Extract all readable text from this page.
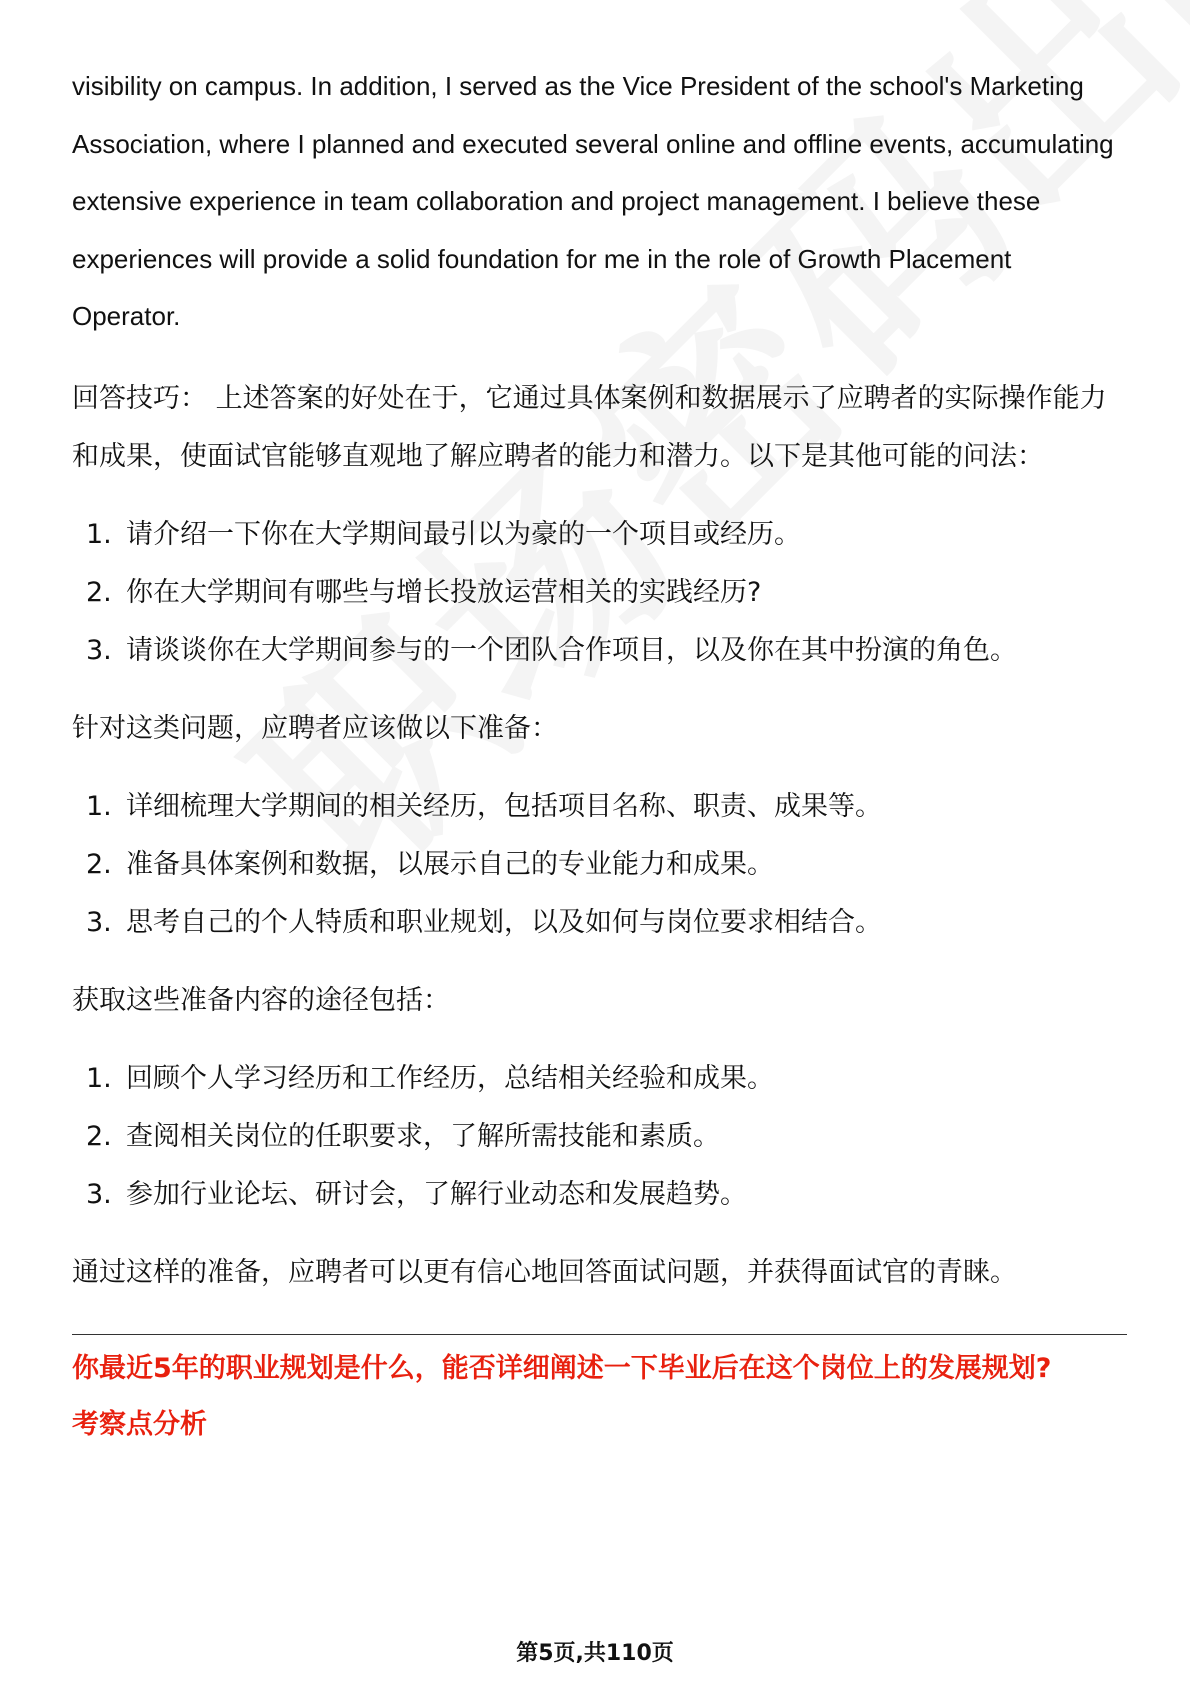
visibility on campus. In addition, I served as the Vice President of the school's Marketing Association, where I planned and executed several online and offline events, accumulating extensive experience in team collaboration and project management. I believe these experiences will provide a solid foundation for me in the role of Growth Placement Operator.

回答技巧： 上述答案的好处在于，它通过具体案例和数据展示了应聘者的实际操作能力和成果，使面试官能够直观地了解应聘者的能力和潜力。以下是其他可能的问法：

1. 请介绍一下你在大学期间最引以为豪的一个项目或经历。
2. 你在大学期间有哪些与增长投放运营相关的实践经历?
3. 请谈谈你在大学期间参与的一个团队合作项目，以及你在其中扮演的角色。

针对这类问题，应聘者应该做以下准备：

1. 详细梳理大学期间的相关经历，包括项目名称、职责、成果等。
2. 准备具体案例和数据，以展示自己的专业能力和成果。
3. 思考自己的个人特质和职业规划，以及如何与岗位要求相结合。

获取这些准备内容的途径包括：

1. 回顾个人学习经历和工作经历，总结相关经验和成果。
2. 查阅相关岗位的任职要求，了解所需技能和素质。
3. 参加行业论坛、研讨会，了解行业动态和发展趋势。

通过这样的准备，应聘者可以更有信心地回答面试问题，并获得面试官的青睐。

你最近5年的职业规划是什么，能否详细阐述一下毕业后在这个岗位上的发展规划?

考察点分析

第5页,共110页
